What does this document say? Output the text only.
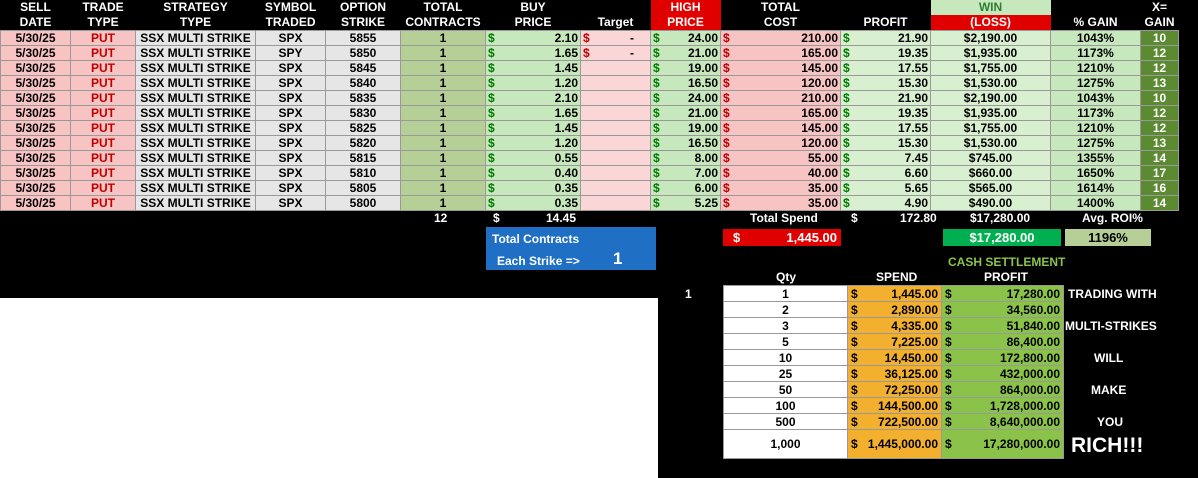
SELL	TRADE	STRATEGY	SYMBOL	OPTION	TOTAL	BUY		HIGH	TOTAL		WIN		X=
DATE	TYPE	TYPE	TRADED	STRIKE	CONTRACTS	PRICE	Target	PRICE	COST	PROFIT	(LOSS)	% GAIN	GAIN
5/30/25	PUT	SSX MULTI STRIKE	SPX	5855	1	$ 2.10	$ -	$ 24.00	$ 210.00	$ 21.90	$2,190.00	1043%	10
5/30/25	PUT	SSX MULTI STRIKE	SPY	5850	1	$ 1.65	$ -	$ 21.00	$ 165.00	$ 19.35	$1,935.00	1173%	12
5/30/25	PUT	SSX MULTI STRIKE	SPX	5845	1	$ 1.45		$ 19.00	$ 145.00	$ 17.55	$1,755.00	1210%	12
5/30/25	PUT	SSX MULTI STRIKE	SPX	5840	1	$ 1.20		$ 16.50	$ 120.00	$ 15.30	$1,530.00	1275%	13
5/30/25	PUT	SSX MULTI STRIKE	SPX	5835	1	$ 2.10		$ 24.00	$ 210.00	$ 21.90	$2,190.00	1043%	10
5/30/25	PUT	SSX MULTI STRIKE	SPX	5830	1	$ 1.65		$ 21.00	$ 165.00	$ 19.35	$1,935.00	1173%	12
5/30/25	PUT	SSX MULTI STRIKE	SPX	5825	1	$ 1.45		$ 19.00	$ 145.00	$ 17.55	$1,755.00	1210%	12
5/30/25	PUT	SSX MULTI STRIKE	SPX	5820	1	$ 1.20		$ 16.50	$ 120.00	$ 15.30	$1,530.00	1275%	13
5/30/25	PUT	SSX MULTI STRIKE	SPX	5815	1	$ 0.55		$ 8.00	$ 55.00	$ 7.45	$745.00	1355%	14
5/30/25	PUT	SSX MULTI STRIKE	SPX	5810	1	$ 0.40		$ 7.00	$ 40.00	$ 6.60	$660.00	1650%	17
5/30/25	PUT	SSX MULTI STRIKE	SPX	5805	1	$ 0.35		$ 6.00	$ 35.00	$ 5.65	$565.00	1614%	16
5/30/25	PUT	SSX MULTI STRIKE	SPX	5800	1	$ 0.35		$ 5.25	$ 35.00	$ 4.90	$490.00	1400%	14
12	$	14.45	Total Spend	$	172.80	$17,280.00	Avg. ROI%
$	1,445.00	$17,280.00	1196%
Total Contracts
Each Strike => 1	CASH SETTLEMENT
Qty	SPEND	PROFIT
1	1	$ 1,445.00	$ 17,280.00

2	$ 2,890.00	$ 34,560.00

3	$ 4,335.00	$ 51,840.00

5	$ 7,225.00	$ 86,400.00

10	$ 14,450.00	$ 172,800.00

25	$ 36,125.00	$ 432,000.00

50	$ 72,250.00	$ 864,000.00

100	$ 144,500.00	$ 1,728,000.00

500	$ 722,500.00	$ 8,640,000.00

1,000	$ 1,445,000.00	$ 17,280,000.00
TRADING WITH
MULTI-STRIKES
WILL
MAKE
YOU
RICH!!!
